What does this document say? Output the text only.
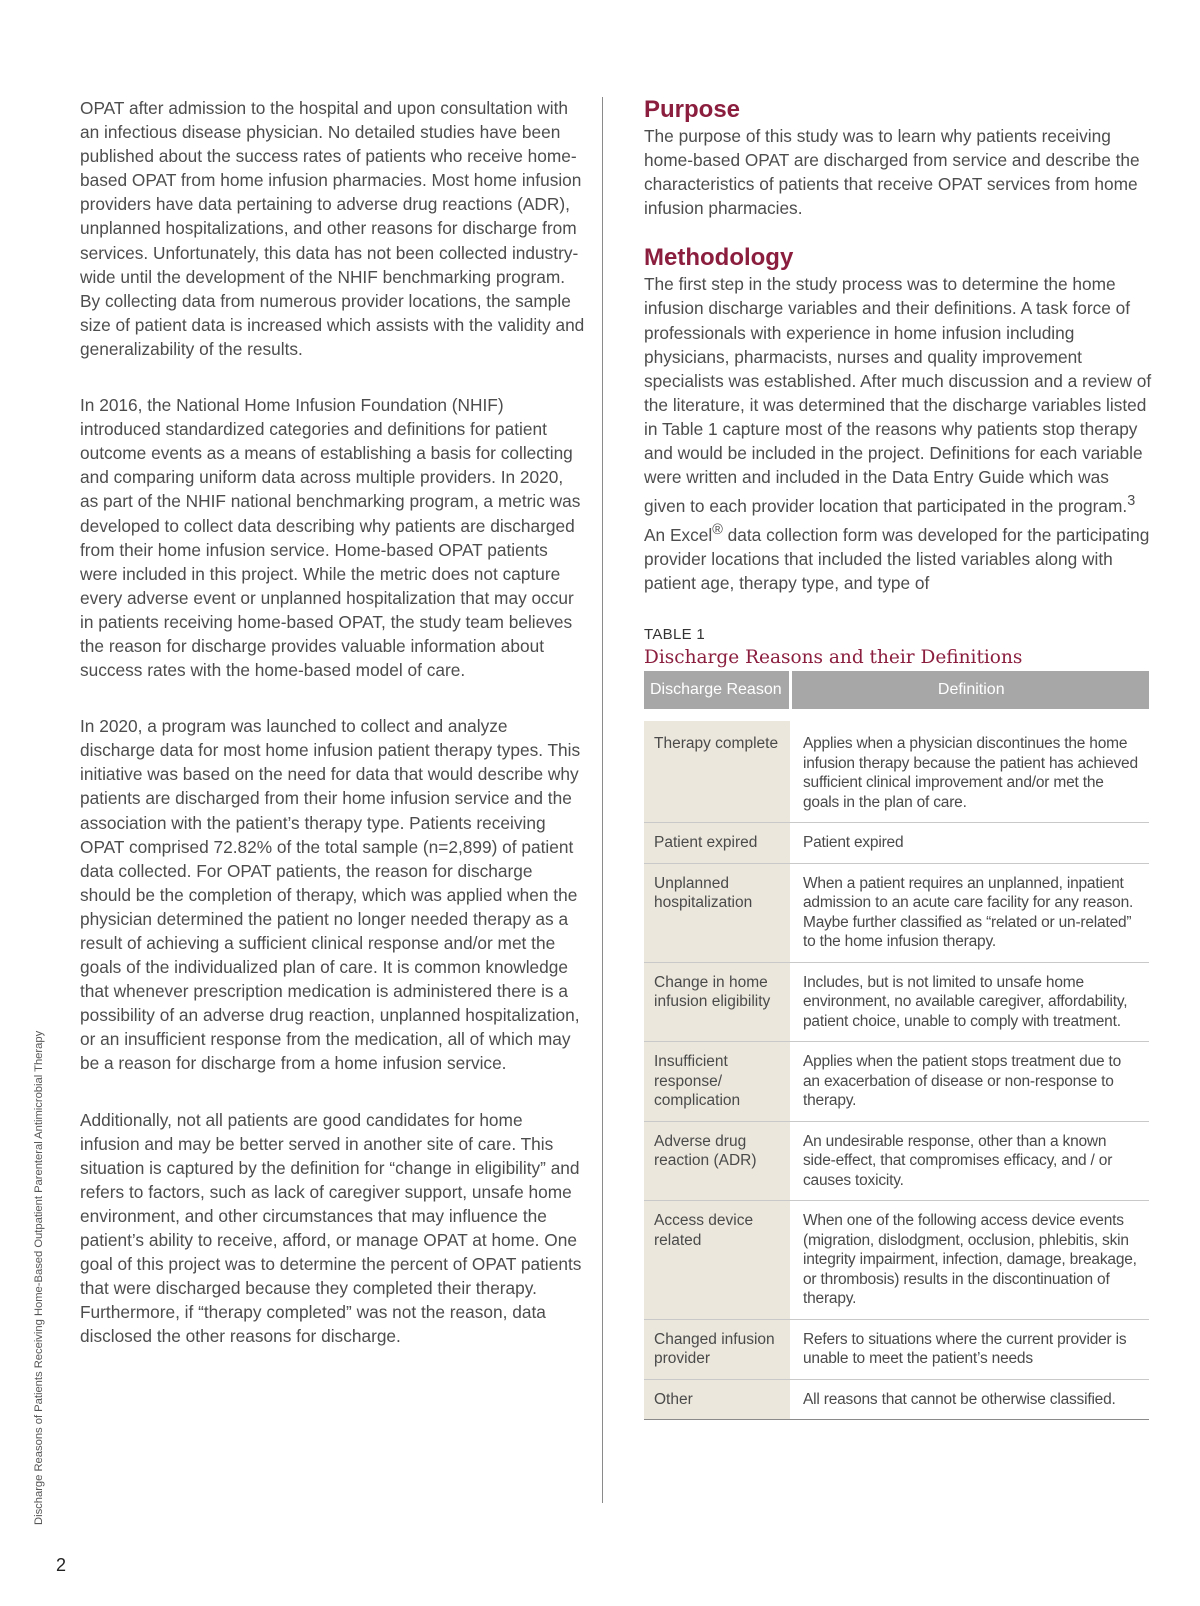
OPAT after admission to the hospital and upon consultation with an infectious disease physician. No detailed studies have been published about the success rates of patients who receive home-based OPAT from home infusion pharmacies. Most home infusion providers have data pertaining to adverse drug reactions (ADR), unplanned hospitalizations, and other reasons for discharge from services. Unfortunately, this data has not been collected industry-wide until the development of the NHIF benchmarking program. By collecting data from numerous provider locations, the sample size of patient data is increased which assists with the validity and generalizability of the results.

In 2016, the National Home Infusion Foundation (NHIF) introduced standardized categories and definitions for patient outcome events as a means of establishing a basis for collecting and comparing uniform data across multiple providers. In 2020, as part of the NHIF national benchmarking program, a metric was developed to collect data describing why patients are discharged from their home infusion service. Home-based OPAT patients were included in this project. While the metric does not capture every adverse event or unplanned hospitalization that may occur in patients receiving home-based OPAT, the study team believes the reason for discharge provides valuable information about success rates with the home-based model of care.

In 2020, a program was launched to collect and analyze discharge data for most home infusion patient therapy types. This initiative was based on the need for data that would describe why patients are discharged from their home infusion service and the association with the patient’s therapy type. Patients receiving OPAT comprised 72.82% of the total sample (n=2,899) of patient data collected. For OPAT patients, the reason for discharge should be the completion of therapy, which was applied when the physician determined the patient no longer needed therapy as a result of achieving a sufficient clinical response and/or met the goals of the individualized plan of care. It is common knowledge that whenever prescription medication is administered there is a possibility of an adverse drug reaction, unplanned hospitalization, or an insufficient response from the medication, all of which may be a reason for discharge from a home infusion service.

Additionally, not all patients are good candidates for home infusion and may be better served in another site of care. This situation is captured by the definition for “change in eligibility” and refers to factors, such as lack of caregiver support, unsafe home environment, and other circumstances that may influence the patient’s ability to receive, afford, or manage OPAT at home. One goal of this project was to determine the percent of OPAT patients that were discharged because they completed their therapy. Furthermore, if “therapy completed” was not the reason, data disclosed the other reasons for discharge.

Purpose

The purpose of this study was to learn why patients receiving home-based OPAT are discharged from service and describe the characteristics of patients that receive OPAT services from home infusion pharmacies.

Methodology

The first step in the study process was to determine the home infusion discharge variables and their definitions. A task force of professionals with experience in home infusion including physicians, pharmacists, nurses and quality improvement specialists was established. After much discussion and a review of the literature, it was determined that the discharge variables listed in Table 1 capture most of the reasons why patients stop therapy and would be included in the project. Definitions for each variable were written and included in the Data Entry Guide which was given to each provider location that participated in the program.$^3$ An Excel® data collection form was developed for the participating provider locations that included the listed variables along with patient age, therapy type, and type of

TABLE 1

Discharge Reasons and their Definitions

Discharge Reason	Definition

Therapy complete	Applies when a physician discontinues the home infusion therapy because the patient has achieved sufficient clinical improvement and/or met the goals in the plan of care.
Patient expired	Patient expired
Unplanned hospitalization	When a patient requires an unplanned, inpatient admission to an acute care facility for any reason. Maybe further classified as “related or un-related” to the home infusion therapy.
Change in home infusion eligibility	Includes, but is not limited to unsafe home environment, no available caregiver, affordability, patient choice, unable to comply with treatment.
Insufficient response/ complication	Applies when the patient stops treatment due to an exacerbation of disease or non-response to therapy.
Adverse drug reaction (ADR)	An undesirable response, other than a known side-effect, that compromises efficacy, and / or causes toxicity.
Access device related	When one of the following access device events (migration, dislodgment, occlusion, phlebitis, skin integrity impairment, infection, damage, breakage, or thrombosis) results in the discontinuation of therapy.
Changed infusion provider	Refers to situations where the current provider is unable to meet the patient’s needs
Other	All reasons that cannot be otherwise classified.
Discharge Reasons of Patients Receiving Home-Based Outpatient Parenteral Antimicrobial Therapy
2
